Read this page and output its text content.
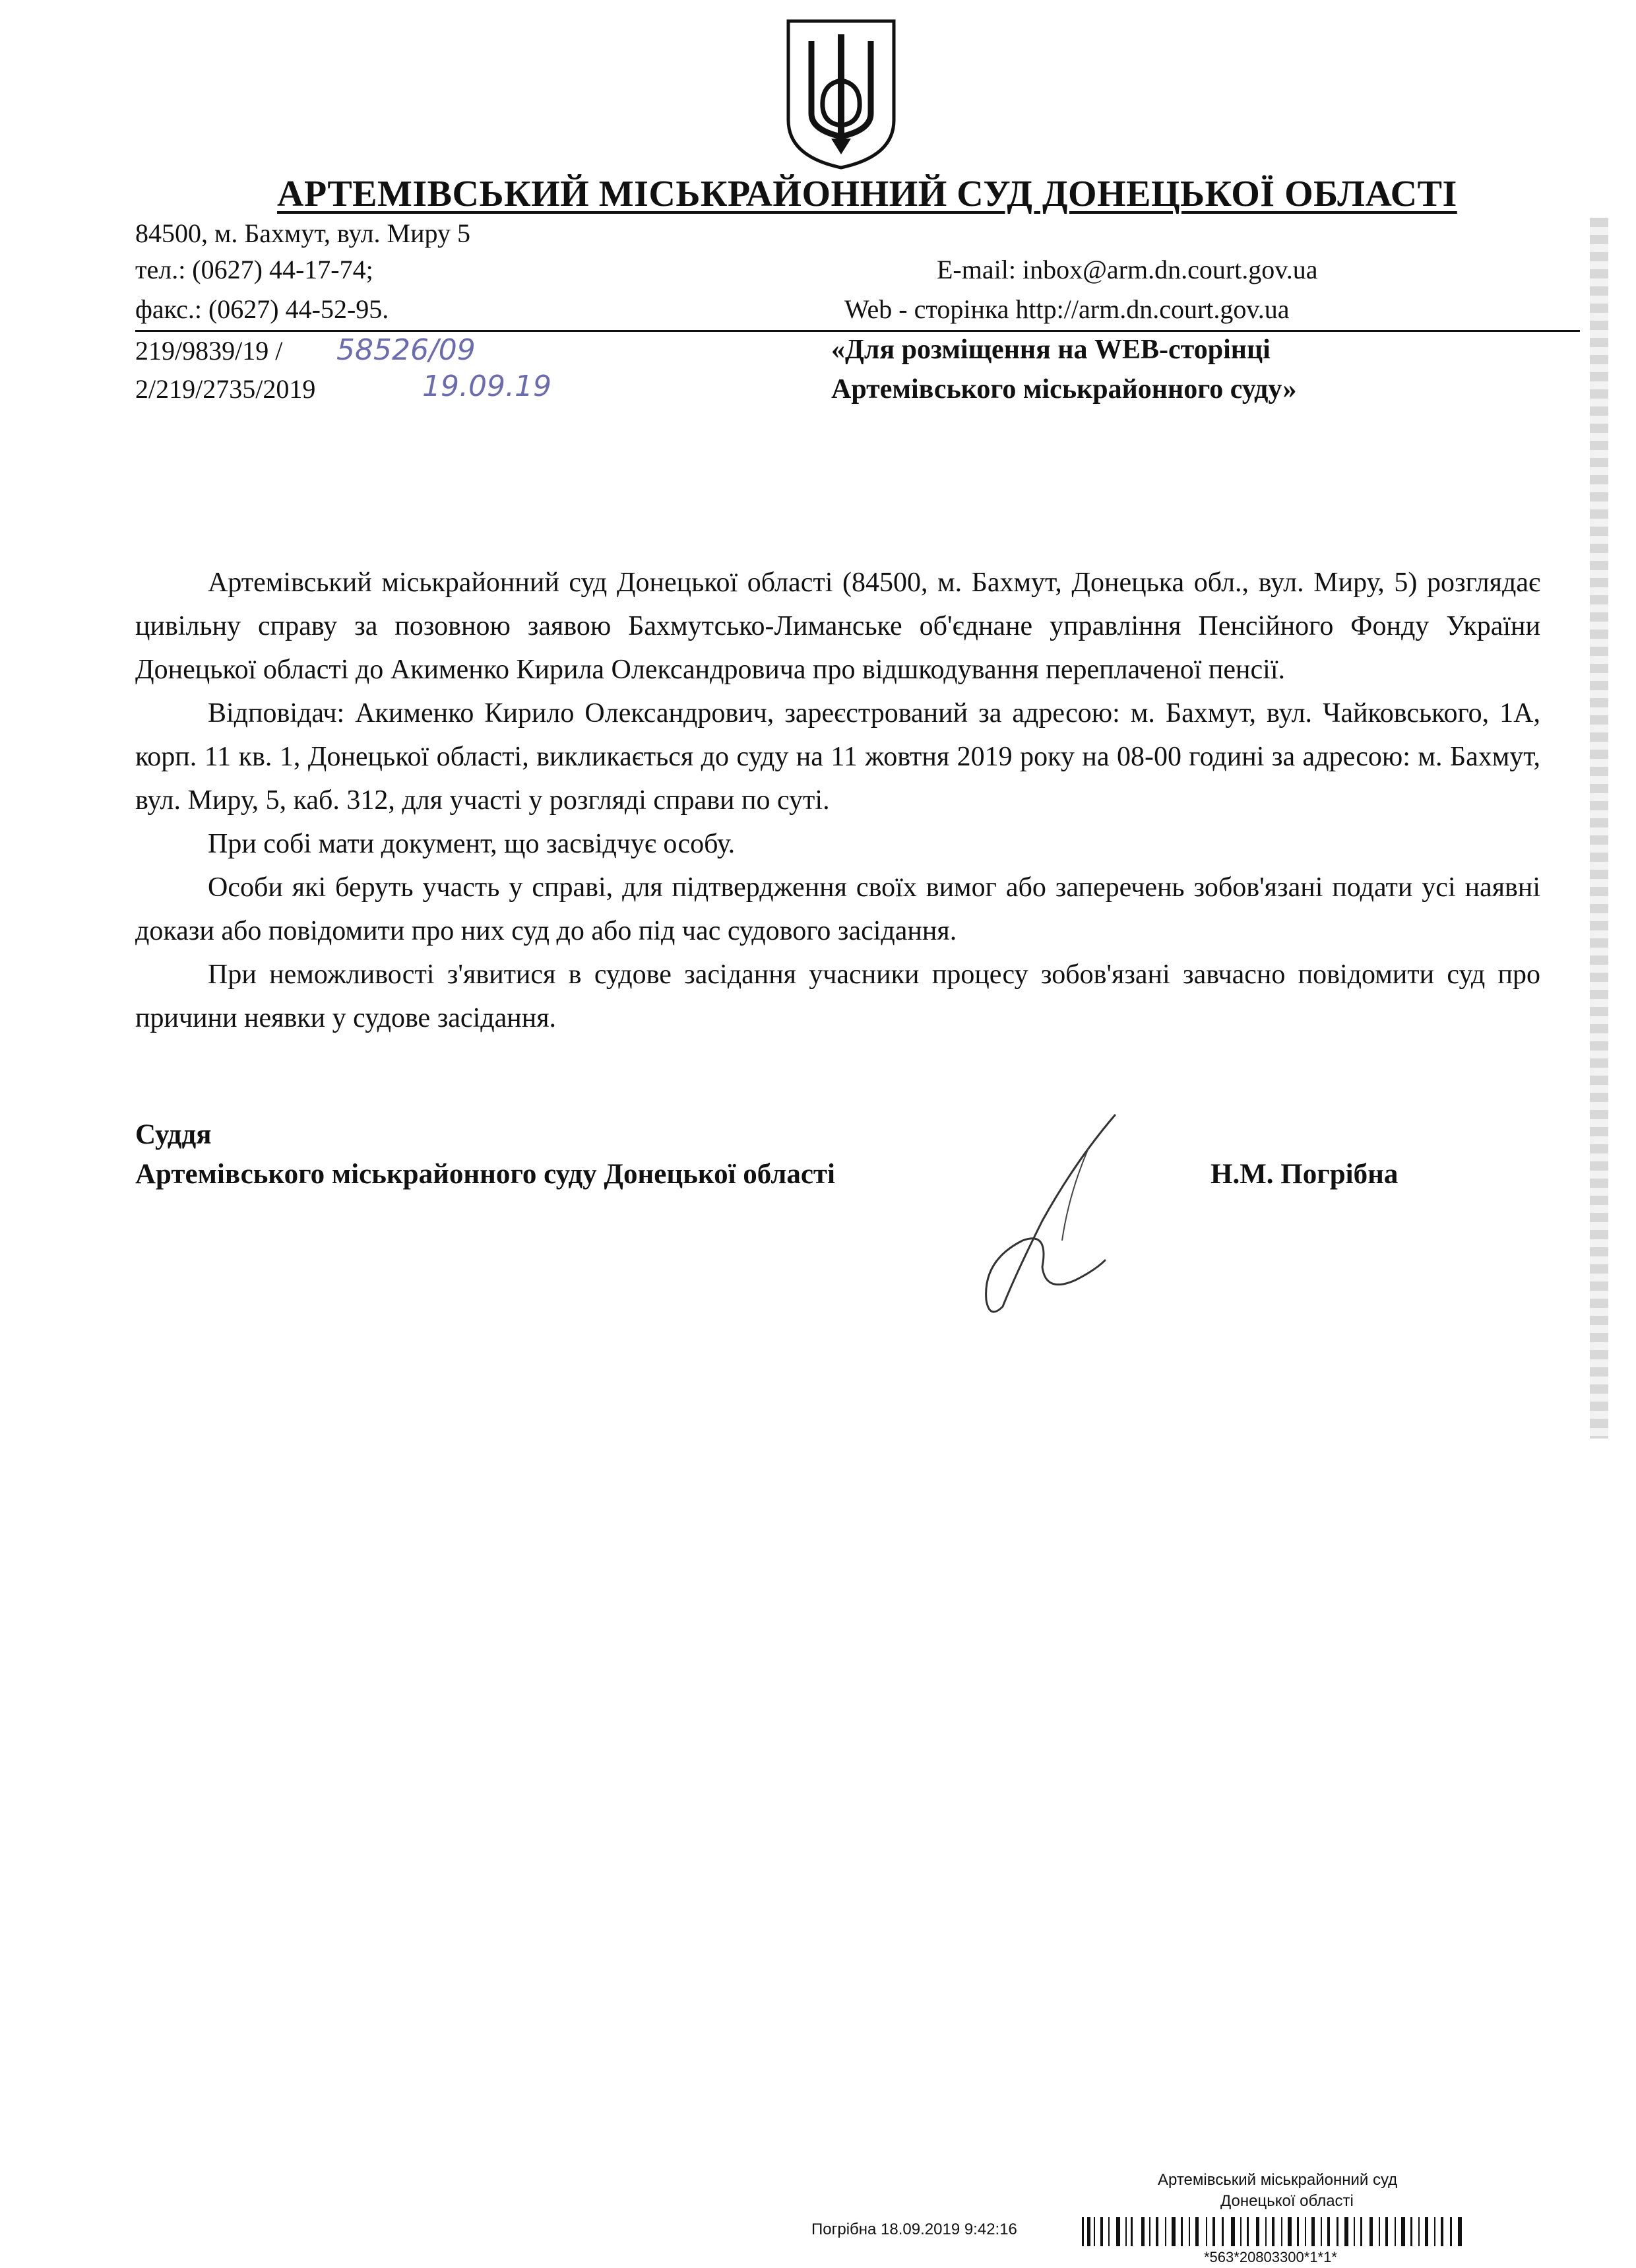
АРТЕМІВСЬКИЙ МІСЬКРАЙОННИЙ СУД ДОНЕЦЬКОЇ ОБЛАСТІ
84500, м. Бахмут, вул. Миру 5
тел.: (0627) 44-17-74;
факс.: (0627) 44-52-95.
E-mail: inbox@arm.dn.court.gov.ua
Web - сторінка http://arm.dn.court.gov.ua
219/9839/19 / 58526/09
2/219/2735/2019	19.09.19
«Для розміщення на WEB-сторінці
Артемівського міськрайонного суду»

Артемівський міськрайонний суд Донецької області (84500, м. Бахмут, Донецька обл., вул. Миру, 5) розглядає цивільну справу за позовною заявою Бахмутсько-Лиманське об'єднане управління Пенсійного Фонду України Донецької області до Акименко Кирила Олександровича про відшкодування переплаченої пенсії.

Відповідач: Акименко Кирило Олександрович, зареєстрований за адресою: м. Бахмут, вул. Чайковського, 1А, корп. 11 кв. 1, Донецької області, викликається до суду на 11 жовтня 2019 року на 08-00 годині за адресою: м. Бахмут, вул. Миру, 5, каб. 312, для участі у розгляді справи по суті.

При собі мати документ, що засвідчує особу.

Особи які беруть участь у справі, для підтвердження своїх вимог або заперечень зобов'язані подати усі наявні докази або повідомити про них суд до або під час судового засідання.

При неможливості з'явитися в судове засідання учасники процесу зобов'язані завчасно повідомити суд про причини неявки у судове засідання.

Суддя
Артемівського міськрайонного суду Донецької області	Н.М. Погрібна
Артемівський міськрайонний суд
Донецької області
Погрібна 18.09.2019 9:42:16
*563*20803300*1*1*
